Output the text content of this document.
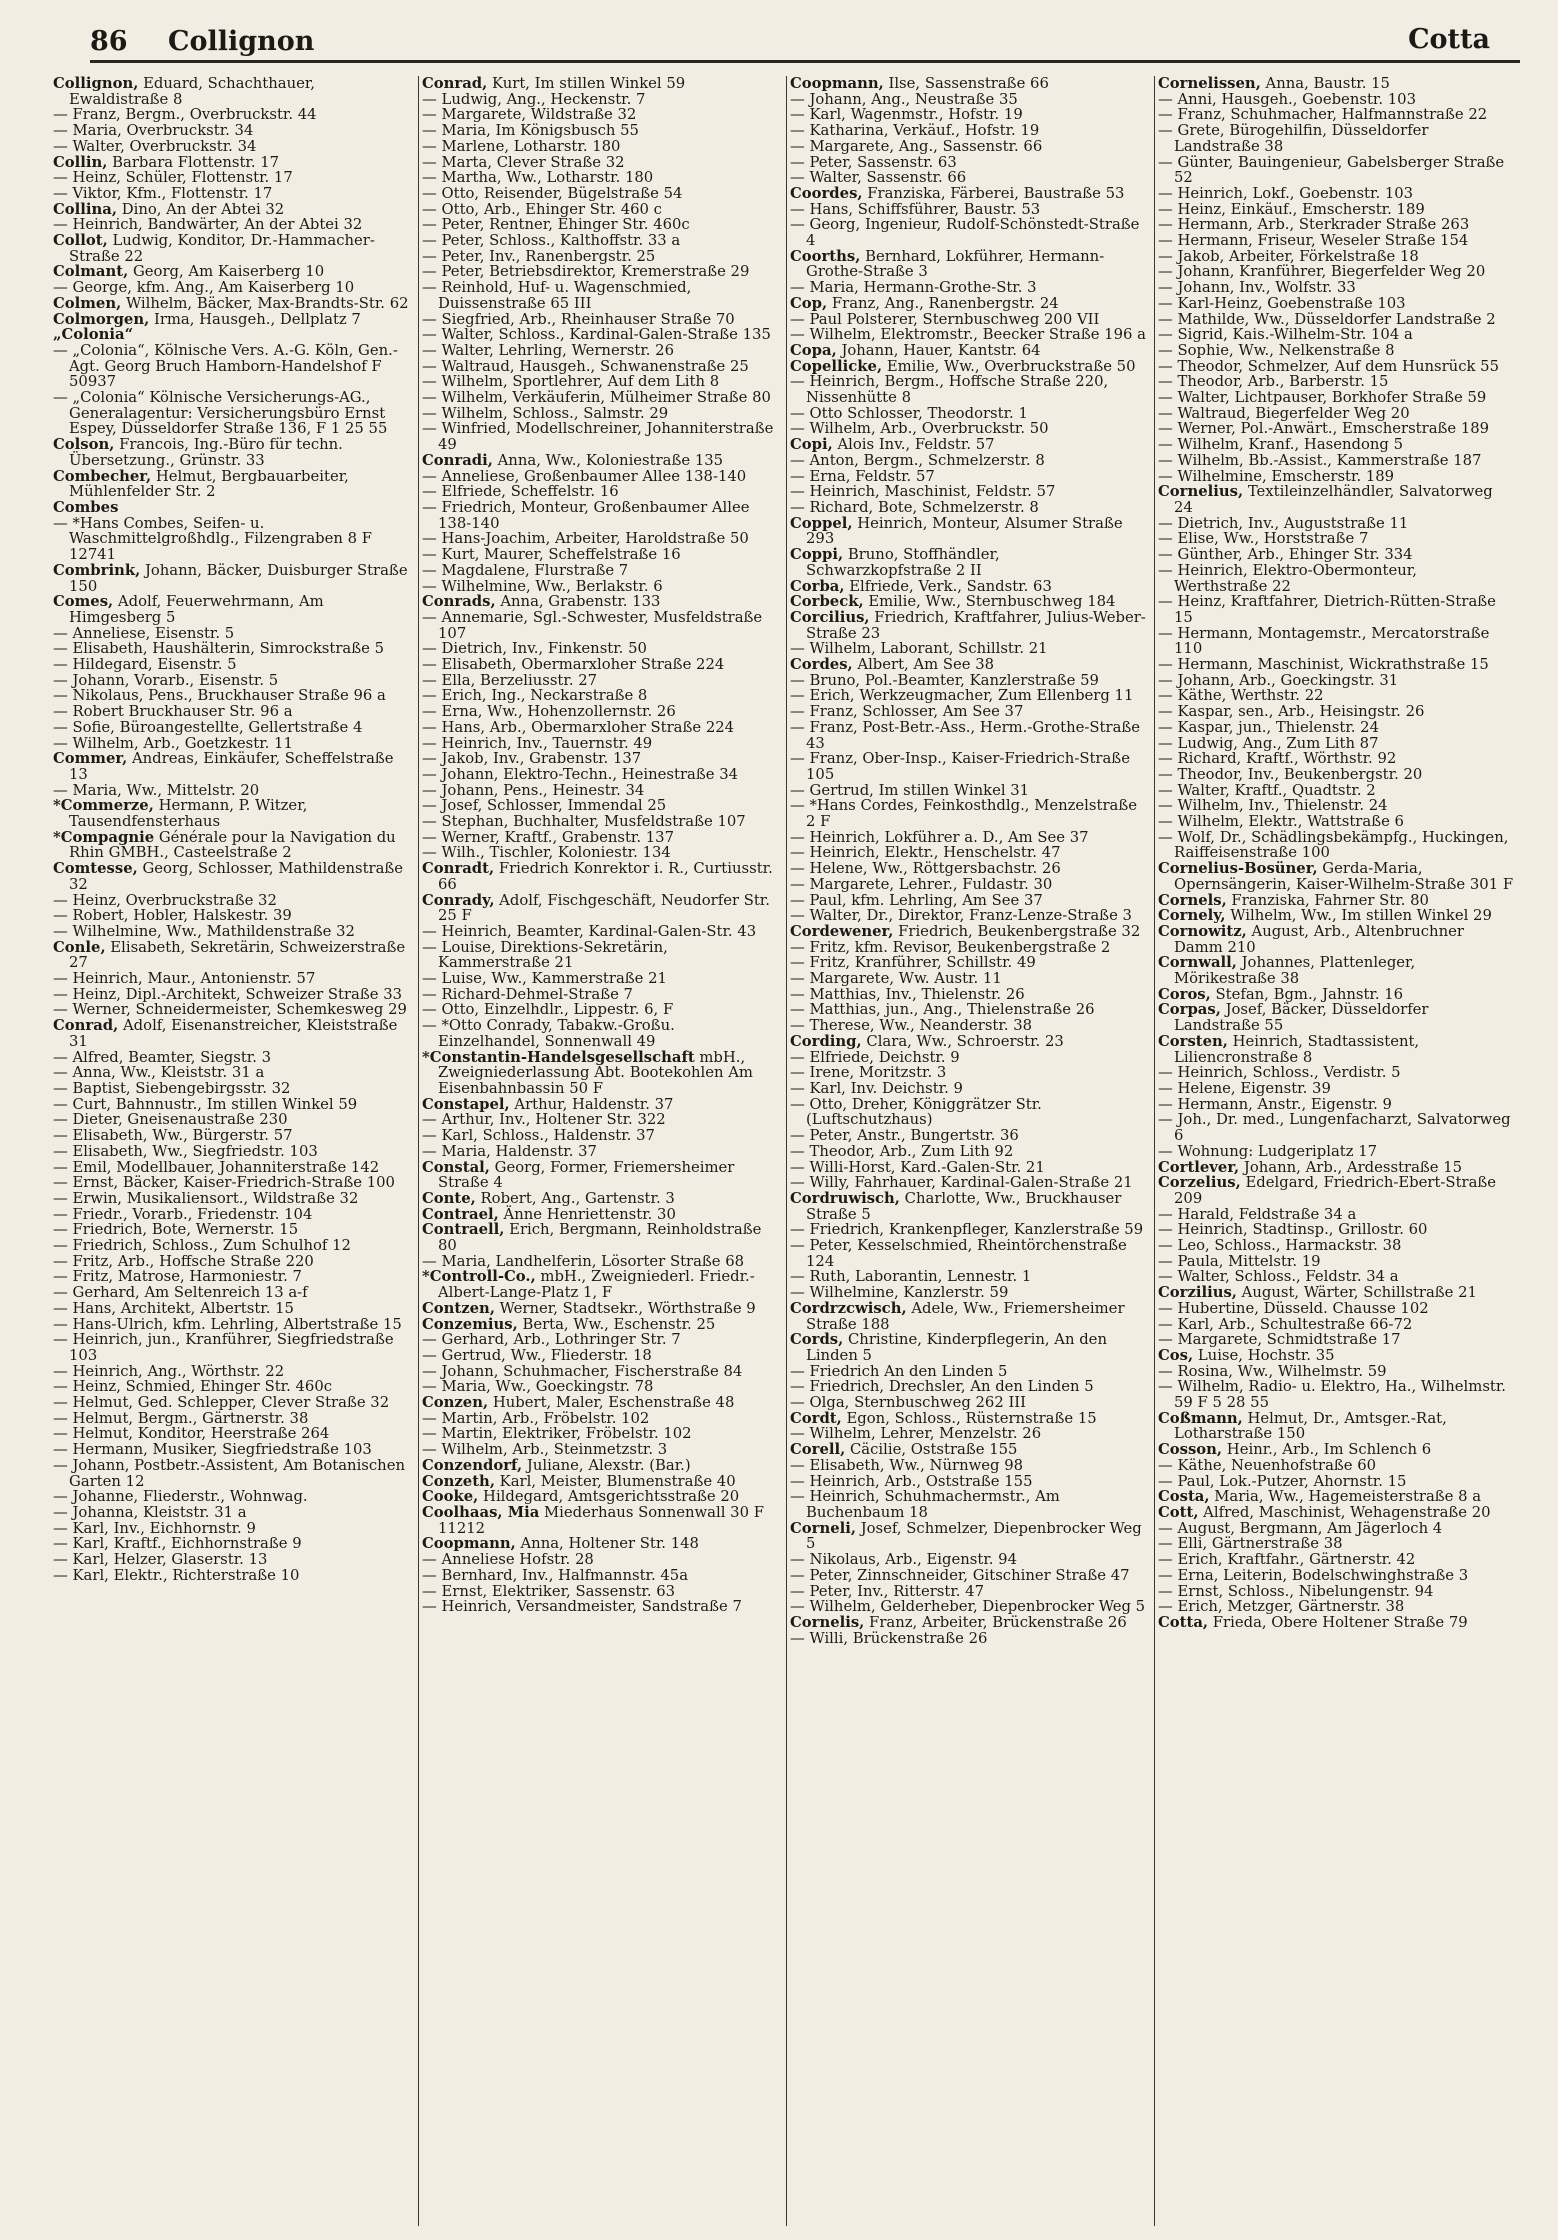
86 Collignon	Cotta
Collignon, Eduard, Schachthauer, Ewaldistraße 8
— Franz, Bergm., Overbruckstr. 44
— Maria, Overbruckstr. 34
— Walter, Overbruckstr. 34
Collin, Barbara Flottenstr. 17
— Heinz, Schüler, Flottenstr. 17
— Viktor, Kfm., Flottenstr. 17
Collina, Dino, An der Abtei 32
— Heinrich, Bandwärter, An der Abtei 32
Collot, Ludwig, Konditor, Dr.-Hammacher-Straße 22
Colmant, Georg, Am Kaiserberg 10
— George, kfm. Ang., Am Kaiserberg 10
Colmen, Wilhelm, Bäcker, Max-Brandts-Str. 62
Colmorgen, Irma, Hausgeh., Dellplatz 7
„Colonia“
— „Colonia“, Kölnische Vers. A.-G. Köln, Gen.-Agt. Georg Bruch Hamborn-Handelshof F 50937
— „Colonia“ Kölnische Versicherungs-AG., Generalagentur: Versicherungsbüro Ernst Espey, Düsseldorfer Straße 136, F 1 25 55
Colson, Francois, Ing.-Büro für techn. Übersetzung., Grünstr. 33
Combecher, Helmut, Bergbauarbeiter, Mühlenfelder Str. 2
Combes
— *Hans Combes, Seifen- u. Waschmittelgroßhdlg., Filzengraben 8 F 12741
Combrink, Johann, Bäcker, Duisburger Straße 150
Comes, Adolf, Feuerwehrmann, Am Himgesberg 5
— Anneliese, Eisenstr. 5
— Elisabeth, Haushälterin, Simrockstraße 5
— Hildegard, Eisenstr. 5
— Johann, Vorarb., Eisenstr. 5
— Nikolaus, Pens., Bruckhauser Straße 96 a
— Robert Bruckhauser Str. 96 a
— Sofie, Büroangestellte, Gellertstraße 4
— Wilhelm, Arb., Goetzkestr. 11
Commer, Andreas, Einkäufer, Scheffelstraße 13
— Maria, Ww., Mittelstr. 20
*Commerze, Hermann, P. Witzer, Tausendfensterhaus
*Compagnie Générale pour la Navigation du Rhin GMBH., Casteelstraße 2
Comtesse, Georg, Schlosser, Mathildenstraße 32
— Heinz, Overbruckstraße 32
— Robert, Hobler, Halskestr. 39
— Wilhelmine, Ww., Mathildenstraße 32
Conle, Elisabeth, Sekretärin, Schweizerstraße 27
— Heinrich, Maur., Antonienstr. 57
— Heinz, Dipl.-Architekt, Schweizer Straße 33
— Werner, Schneidermeister, Schemkesweg 29
Conrad, Adolf, Eisenanstreicher, Kleiststraße 31
— Alfred, Beamter, Siegstr. 3
— Anna, Ww., Kleiststr. 31 a
— Baptist, Siebengebirgsstr. 32
— Curt, Bahnnustr., Im stillen Winkel 59
— Dieter, Gneisenaustraße 230
— Elisabeth, Ww., Bürgerstr. 57
— Elisabeth, Ww., Siegfriedstr. 103
— Emil, Modellbauer, Johanniterstraße 142
— Ernst, Bäcker, Kaiser-Friedrich-Straße 100
— Erwin, Musikaliensort., Wildstraße 32
— Friedr., Vorarb., Friedenstr. 104
— Friedrich, Bote, Wernerstr. 15
— Friedrich, Schloss., Zum Schulhof 12
— Fritz, Arb., Hoffsche Straße 220
— Fritz, Matrose, Harmoniestr. 7
— Gerhard, Am Seltenreich 13 a-f
— Hans, Architekt, Albertstr. 15
— Hans-Ulrich, kfm. Lehrling, Albertstraße 15
— Heinrich, jun., Kranführer, Siegfriedstraße 103
— Heinrich, Ang., Wörthstr. 22
— Heinz, Schmied, Ehinger Str. 460c
— Helmut, Ged. Schlepper, Clever Straße 32
— Helmut, Bergm., Gärtnerstr. 38
— Helmut, Konditor, Heerstraße 264
— Hermann, Musiker, Siegfriedstraße 103
— Johann, Postbetr.-Assistent, Am Botanischen Garten 12
— Johanne, Fliederstr., Wohnwag.
— Johanna, Kleiststr. 31 a
— Karl, Inv., Eichhornstr. 9
— Karl, Kraftf., Eichhornstraße 9
— Karl, Helzer, Glaserstr. 13
— Karl, Elektr., Richterstraße 10
Conrad, Kurt, Im stillen Winkel 59
— Ludwig, Ang., Heckenstr. 7
— Margarete, Wildstraße 32
— Maria, Im Königsbusch 55
— Marlene, Lotharstr. 180
— Marta, Clever Straße 32
— Martha, Ww., Lotharstr. 180
— Otto, Reisender, Bügelstraße 54
— Otto, Arb., Ehinger Str. 460 c
— Peter, Rentner, Ehinger Str. 460c
— Peter, Schloss., Kalthoffstr. 33 a
— Peter, Inv., Ranenbergstr. 25
— Peter, Betriebsdirektor, Kremerstraße 29
— Reinhold, Huf- u. Wagenschmied, Duissenstraße 65 III
— Siegfried, Arb., Rheinhauser Straße 70
— Walter, Schloss., Kardinal-Galen-Straße 135
— Walter, Lehrling, Wernerstr. 26
— Waltraud, Hausgeh., Schwanenstraße 25
— Wilhelm, Sportlehrer, Auf dem Lith 8
— Wilhelm, Verkäuferin, Mülheimer Straße 80
— Wilhelm, Schloss., Salmstr. 29
— Winfried, Modellschreiner, Johanniterstraße 49
Conradi, Anna, Ww., Koloniestraße 135
— Anneliese, Großenbaumer Allee 138-140
— Elfriede, Scheffelstr. 16
— Friedrich, Monteur, Großenbaumer Allee 138-140
— Hans-Joachim, Arbeiter, Haroldstraße 50
— Kurt, Maurer, Scheffelstraße 16
— Magdalene, Flurstraße 7
— Wilhelmine, Ww., Berlakstr. 6
Conrads, Anna, Grabenstr. 133
— Annemarie, Sgl.-Schwester, Musfeldstraße 107
— Dietrich, Inv., Finkenstr. 50
— Elisabeth, Obermarxloher Straße 224
— Ella, Berzeliusstr. 27
— Erich, Ing., Neckarstraße 8
— Erna, Ww., Hohenzollernstr. 26
— Hans, Arb., Obermarxloher Straße 224
— Heinrich, Inv., Tauernstr. 49
— Jakob, Inv., Grabenstr. 137
— Johann, Elektro-Techn., Heinestraße 34
— Johann, Pens., Heinestr. 34
— Josef, Schlosser, Immendal 25
— Stephan, Buchhalter, Musfeldstraße 107
— Werner, Kraftf., Grabenstr. 137
— Wilh., Tischler, Koloniestr. 134
Conradt, Friedrich Konrektor i. R., Curtiusstr. 66
Conrady, Adolf, Fischgeschäft, Neudorfer Str. 25 F
— Heinrich, Beamter, Kardinal-Galen-Str. 43
— Louise, Direktions-Sekretärin, Kammerstraße 21
— Luise, Ww., Kammerstraße 21
— Richard-Dehmel-Straße 7
— Otto, Einzelhdlr., Lippestr. 6, F
— *Otto Conrady, Tabakw.-Großu. Einzelhandel, Sonnenwall 49
*Constantin-Handelsgesellschaft mbH., Zweigniederlassung Abt. Bootekohlen Am Eisenbahnbassin 50 F
Constapel, Arthur, Haldenstr. 37
— Arthur, Inv., Holtener Str. 322
— Karl, Schloss., Haldenstr. 37
— Maria, Haldenstr. 37
Constal, Georg, Former, Friemersheimer Straße 4
Conte, Robert, Ang., Gartenstr. 3
Contrael, Änne Henriettenstr. 30
Contraell, Erich, Bergmann, Reinholdstraße 80
— Maria, Landhelferin, Lösorter Straße 68
*Controll-Co., mbH., Zweigniederl. Friedr.-Albert-Lange-Platz 1, F
Contzen, Werner, Stadtsekr., Wörthstraße 9
Conzemius, Berta, Ww., Eschenstr. 25
— Gerhard, Arb., Lothringer Str. 7
— Gertrud, Ww., Fliederstr. 18
— Johann, Schuhmacher, Fischerstraße 84
— Maria, Ww., Goeckingstr. 78
Conzen, Hubert, Maler, Eschenstraße 48
— Martin, Arb., Fröbelstr. 102
— Martin, Elektriker, Fröbelstr. 102
— Wilhelm, Arb., Steinmetzstr. 3
Conzendorf, Juliane, Alexstr. (Bar.)
Conzeth, Karl, Meister, Blumenstraße 40
Cooke, Hildegard, Amtsgerichtsstraße 20
Coolhaas, Mia Miederhaus Sonnenwall 30 F 11212
Coopmann, Anna, Holtener Str. 148
— Anneliese Hofstr. 28
— Bernhard, Inv., Halfmannstr. 45a
— Ernst, Elektriker, Sassenstr. 63
— Heinrich, Versandmeister, Sandstraße 7
Coopmann, Ilse, Sassenstraße 66
— Johann, Ang., Neustraße 35
— Karl, Wagenmstr., Hofstr. 19
— Katharina, Verkäuf., Hofstr. 19
— Margarete, Ang., Sassenstr. 66
— Peter, Sassenstr. 63
— Walter, Sassenstr. 66
Coordes, Franziska, Färberei, Baustraße 53
— Hans, Schiffsführer, Baustr. 53
— Georg, Ingenieur, Rudolf-Schönstedt-Straße 4
Coorths, Bernhard, Lokführer, Hermann-Grothe-Straße 3
— Maria, Hermann-Grothe-Str. 3
Cop, Franz, Ang., Ranenbergstr. 24
— Paul Polsterer, Sternbuschweg 200 VII
— Wilhelm, Elektromstr., Beecker Straße 196 a
Copa, Johann, Hauer, Kantstr. 64
Copellicke, Emilie, Ww., Overbruckstraße 50
— Heinrich, Bergm., Hoffsche Straße 220, Nissenhütte 8
— Otto Schlosser, Theodorstr. 1
— Wilhelm, Arb., Overbruckstr. 50
Copi, Alois Inv., Feldstr. 57
— Anton, Bergm., Schmelzerstr. 8
— Erna, Feldstr. 57
— Heinrich, Maschinist, Feldstr. 57
— Richard, Bote, Schmelzerstr. 8
Coppel, Heinrich, Monteur, Alsumer Straße 293
Coppi, Bruno, Stoffhändler, Schwarzkopfstraße 2 II
Corba, Elfriede, Verk., Sandstr. 63
Corbeck, Emilie, Ww., Sternbuschweg 184
Corcilius, Friedrich, Kraftfahrer, Julius-Weber-Straße 23
— Wilhelm, Laborant, Schillstr. 21
Cordes, Albert, Am See 38
— Bruno, Pol.-Beamter, Kanzlerstraße 59
— Erich, Werkzeugmacher, Zum Ellenberg 11
— Franz, Schlosser, Am See 37
— Franz, Post-Betr.-Ass., Herm.-Grothe-Straße 43
— Franz, Ober-Insp., Kaiser-Friedrich-Straße 105
— Gertrud, Im stillen Winkel 31
— *Hans Cordes, Feinkosthdlg., Menzelstraße 2 F
— Heinrich, Lokführer a. D., Am See 37
— Heinrich, Elektr., Henschelstr. 47
— Helene, Ww., Röttgersbachstr. 26
— Margarete, Lehrer., Fuldastr. 30
— Paul, kfm. Lehrling, Am See 37
— Walter, Dr., Direktor, Franz-Lenze-Straße 3
Cordewener, Friedrich, Beukenbergstraße 32
— Fritz, kfm. Revisor, Beukenbergstraße 2
— Fritz, Kranführer, Schillstr. 49
— Margarete, Ww. Austr. 11
— Matthias, Inv., Thielenstr. 26
— Matthias, jun., Ang., Thielenstraße 26
— Therese, Ww., Neanderstr. 38
Cording, Clara, Ww., Schroerstr. 23
— Elfriede, Deichstr. 9
— Irene, Moritzstr. 3
— Karl, Inv. Deichstr. 9
— Otto, Dreher, Königgrätzer Str. (Luftschutzhaus)
— Peter, Anstr., Bungertstr. 36
— Theodor, Arb., Zum Lith 92
— Willi-Horst, Kard.-Galen-Str. 21
— Willy, Fahrhauer, Kardinal-Galen-Straße 21
Cordruwisch, Charlotte, Ww., Bruckhauser Straße 5
— Friedrich, Krankenpfleger, Kanzlerstraße 59
— Peter, Kesselschmied, Rheintörchenstraße 124
— Ruth, Laborantin, Lennestr. 1
— Wilhelmine, Kanzlerstr. 59
Cordrzcwisch, Adele, Ww., Friemersheimer Straße 188
Cords, Christine, Kinderpflegerin, An den Linden 5
— Friedrich An den Linden 5
— Friedrich, Drechsler, An den Linden 5
— Olga, Sternbuschweg 262 III
Cordt, Egon, Schloss., Rüsternstraße 15
— Wilhelm, Lehrer, Menzelstr. 26
Corell, Cäcilie, Oststraße 155
— Elisabeth, Ww., Nürnweg 98
— Heinrich, Arb., Oststraße 155
— Heinrich, Schuhmachermstr., Am Buchenbaum 18
Corneli, Josef, Schmelzer, Diepenbrocker Weg 5
— Nikolaus, Arb., Eigenstr. 94
— Peter, Zinnschneider, Gitschiner Straße 47
— Peter, Inv., Ritterstr. 47
— Wilhelm, Gelderheber, Diepenbrocker Weg 5
Cornelis, Franz, Arbeiter, Brückenstraße 26
— Willi, Brückenstraße 26
Cornelissen, Anna, Baustr. 15
— Anni, Hausgeh., Goebenstr. 103
— Franz, Schuhmacher, Halfmannstraße 22
— Grete, Bürogehilfin, Düsseldorfer Landstraße 38
— Günter, Bauingenieur, Gabelsberger Straße 52
— Heinrich, Lokf., Goebenstr. 103
— Heinz, Einkäuf., Emscherstr. 189
— Hermann, Arb., Sterkrader Straße 263
— Hermann, Friseur, Weseler Straße 154
— Jakob, Arbeiter, Förkelstraße 18
— Johann, Kranführer, Biegerfelder Weg 20
— Johann, Inv., Wolfstr. 33
— Karl-Heinz, Goebenstraße 103
— Mathilde, Ww., Düsseldorfer Landstraße 2
— Sigrid, Kais.-Wilhelm-Str. 104 a
— Sophie, Ww., Nelkenstraße 8
— Theodor, Schmelzer, Auf dem Hunsrück 55
— Theodor, Arb., Barberstr. 15
— Walter, Lichtpauser, Borkhofer Straße 59
— Waltraud, Biegerfelder Weg 20
— Werner, Pol.-Anwärt., Emscherstraße 189
— Wilhelm, Kranf., Hasendong 5
— Wilhelm, Bb.-Assist., Kammerstraße 187
— Wilhelmine, Emscherstr. 189
Cornelius, Textileinzelhändler, Salvatorweg 24
— Dietrich, Inv., Auguststraße 11
— Elise, Ww., Horststraße 7
— Günther, Arb., Ehinger Str. 334
— Heinrich, Elektro-Obermonteur, Werthstraße 22
— Heinz, Kraftfahrer, Dietrich-Rütten-Straße 15
— Hermann, Montagemstr., Mercatorstraße 110
— Hermann, Maschinist, Wickrathstraße 15
— Johann, Arb., Goeckingstr. 31
— Käthe, Werthstr. 22
— Kaspar, sen., Arb., Heisingstr. 26
— Kaspar, jun., Thielenstr. 24
— Ludwig, Ang., Zum Lith 87
— Richard, Kraftf., Wörthstr. 92
— Theodor, Inv., Beukenbergstr. 20
— Walter, Kraftf., Quadtstr. 2
— Wilhelm, Inv., Thielenstr. 24
— Wilhelm, Elektr., Wattstraße 6
— Wolf, Dr., Schädlingsbekämpfg., Huckingen, Raiffeisenstraße 100
Cornelius-Bosüner, Gerda-Maria, Opernsängerin, Kaiser-Wilhelm-Straße 301 F
Cornels, Franziska, Fahrner Str. 80
Cornely, Wilhelm, Ww., Im stillen Winkel 29
Cornowitz, August, Arb., Altenbruchner Damm 210
Cornwall, Johannes, Plattenleger, Mörikestraße 38
Coros, Stefan, Bgm., Jahnstr. 16
Corpas, Josef, Bäcker, Düsseldorfer Landstraße 55
Corsten, Heinrich, Stadtassistent, Liliencronstraße 8
— Heinrich, Schloss., Verdistr. 5
— Helene, Eigenstr. 39
— Hermann, Anstr., Eigenstr. 9
— Joh., Dr. med., Lungenfacharzt, Salvatorweg 6
— Wohnung: Ludgeriplatz 17
Cortlever, Johann, Arb., Ardesstraße 15
Corzelius, Edelgard, Friedrich-Ebert-Straße 209
— Harald, Feldstraße 34 a
— Heinrich, Stadtinsp., Grillostr. 60
— Leo, Schloss., Harmackstr. 38
— Paula, Mittelstr. 19
— Walter, Schloss., Feldstr. 34 a
Corzilius, August, Wärter, Schillstraße 21
— Hubertine, Düsseld. Chausse 102
— Karl, Arb., Schultestraße 66-72
— Margarete, Schmidtstraße 17
Cos, Luise, Hochstr. 35
— Rosina, Ww., Wilhelmstr. 59
— Wilhelm, Radio- u. Elektro, Ha., Wilhelmstr. 59 F 5 28 55
Coßmann, Helmut, Dr., Amtsger.-Rat, Lotharstraße 150
Cosson, Heinr., Arb., Im Schlench 6
— Käthe, Neuenhofstraße 60
— Paul, Lok.-Putzer, Ahornstr. 15
Costa, Maria, Ww., Hagemeisterstraße 8 a
Cott, Alfred, Maschinist, Wehagenstraße 20
— August, Bergmann, Am Jägerloch 4
— Elli, Gärtnerstraße 38
— Erich, Kraftfahr., Gärtnerstr. 42
— Erna, Leiterin, Bodelschwinghstraße 3
— Ernst, Schloss., Nibelungenstr. 94
— Erich, Metzger, Gärtnerstr. 38
Cotta, Frieda, Obere Holtener Straße 79
